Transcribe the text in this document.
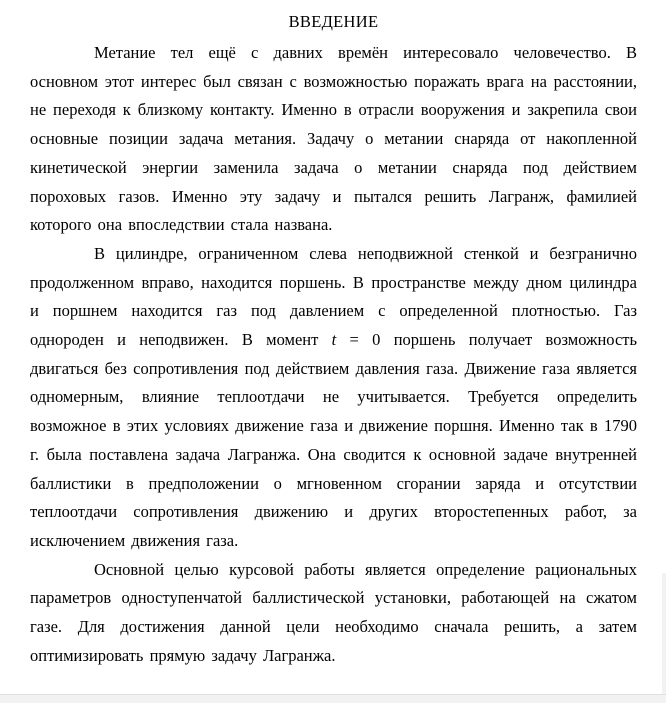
ВВЕДЕНИЕ

Метание тел ещё с давних времён интересовало человечество. В основном этот интерес был связан с возможностью поражать врага на расстоянии, не переходя к близкому контакту. Именно в отрасли вооружения и закрепила свои основные позиции задача метания. Задачу о метании снаряда от накопленной кинетической энергии заменила задача о метании снаряда под действием пороховых газов. Именно эту задачу и пытался решить Лагранж, фамилией которого она впоследствии стала названа.

В цилиндре, ограниченном слева неподвижной стенкой и безгранично продолженном вправо, находится поршень. В пространстве между дном цилиндра и поршнем находится газ под давлением с определенной плотностью. Газ однороден и неподвижен. В момент t = 0 поршень получает возможность двигаться без сопротивления под действием давления газа. Движение газа является одномерным, влияние теплоотдачи не учитывается. Требуется определить возможное в этих условиях движение газа и движение поршня. Именно так в 1790 г. была поставлена задача Лагранжа. Она сводится к основной задаче внутренней баллистики в предположении о мгновенном сгорании заряда и отсутствии теплоотдачи сопротивления движению и других второстепенных работ, за исключением движения газа.

Основной целью курсовой работы является определение рациональных параметров одноступенчатой баллистической установки, работающей на сжатом газе. Для достижения данной цели необходимо сначала решить, а затем оптимизировать прямую задачу Лагранжа.
